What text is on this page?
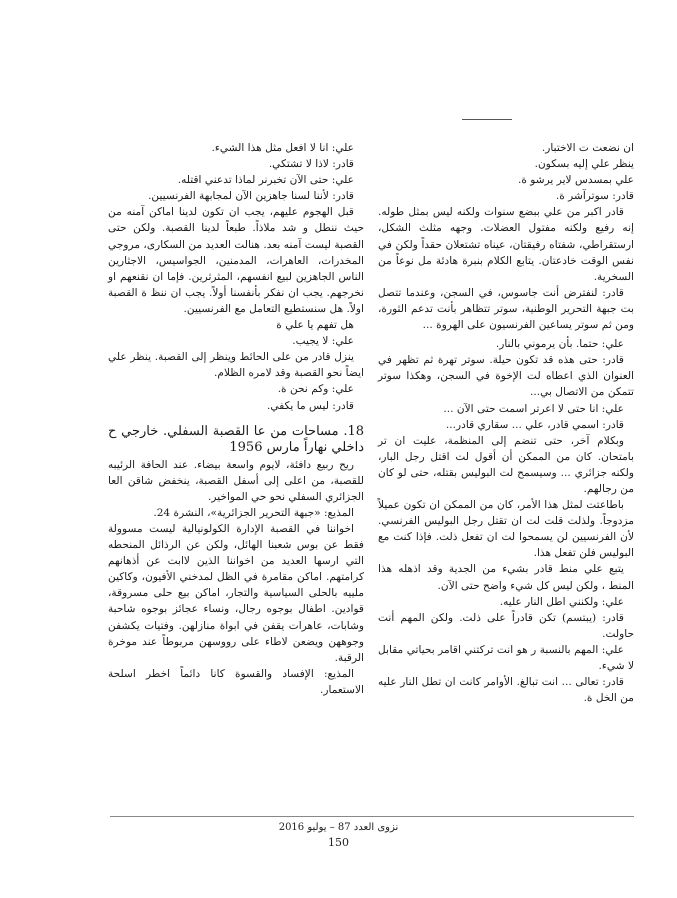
ان نضعت ت الاختبار.

ينظر علي إليه بسكون.

علي بمسدس لاير يرشو ة.

قادر: سوترآشر ة.

قادر اكبر من علي ببضع سنوات ولكنه ليس بمثل طوله. إنه رفيع ولكنه مفتول العضلات. وجهه مثلث الشكل، ارستقراطي، شفتاه رفيقتان، عيناه تشتعلان حقداً ولكن في نفس الوقت خادعتان. يتابع الكلام بنبرة هادئة مل نوعاً من السخرية.

قادر: لنفترض أنت جاسوس، في السجن، وعندما تتصل بت جبهة التحرير الوطنية، سوتر تتظاهر بأنت تدعم الثورة، ومن ثم سوتر يساعين الفرنسيون على الهروة ...

علي: حتما. بأن يرموني بالنار.

قادر: حتى هذه قد تكون حيلة. سوتر تهرة ثم تظهر في العنوان الذي اعطاه لت الإخوة في السجن، وهكذا سوتر تتمكن من الاتصال بي...

علي: انا حتى لا اعرتر اسمت حتى الآن ...

قادر: اسمي قادر، علي ... سقاري قادر...

وبكلام آخر، حتى تنضم إلى المنظمة، عليت ان تر بامتحان. كان من الممكن أن أقول لت اقتل رجل البار، ولكنه جزائري ... وسيسمح لت البوليس بقتله، حتى لو كان من رجالهم.

باطاعتت لمثل هذا الأمر، كان من الممكن ان تكون عميلاً مزدوجاً. ولذلت قلت لت ان تقتل رجل البوليس الفرنسي. لأن الفرنسيين لن يسمحوا لت ان تفعل ذلت. فإذا كنت مع البوليس فلن تفعل هذا.

يتبع علي منط قادر بشيء من الجدية وقد اذهله هذا المنط ، ولكن ليس كل شيء واضح حتى الآن.

علي: ولكنني اطل النار عليه.

قادر: (يبتسم) تكن قادراً على ذلت. ولكن المهم أنت حاولت.

علي: المهم بالنسبة ر هو انت تركتني اقامر بحياتي مقابل لا شيء.

قادر: تعالى ... انت تبالغ. الأوامر كانت ان تطل النار عليه من الخل ة.

علي: انا لا افعل مثل هذا الشيء.

قادر: لاذا لا تشتكي.

علي: حتى الآن تخبرنر لماذا تدعني اقتله.

قادر: لأننا لسنا جاهزين الآن لمجابهة الفرنسيين.

قبل الهجوم عليهم، يجب ان تكون لدينا اماكن آمنه من حيث ننطل و شد ملاذاً. طبعاً لدينا القصبة. ولكن حتى القصبة ليست آمنه بعد. هنالت العديد من السكارى، مروجي المخدرات، العاهرات، المدمنين، الجواسيس، الاجثارين الناس الجاهزين لبيع انفسهم، المثرثرين. فإما ان نقنعهم او نخرجهم. يجب ان نفكر بأنفسنا أولاً. يجب ان ننظ ة القصبة اولاً. هل سنستطيع التعامل مع الفرنسيين.

هل تفهم يا علي ة

علي: لا يجيب.

ينزل قادر من على الحائط وينظر إلى القصبة. ينظر علي ايضاً نحو القصبة وقد لامره الظلام.

علي: وكم نحن ة.

قادر: ليس ما يكفي.

18. مساحات من عا القصبة السفلي. خارجي ح داخلي نهاراً مارس 1956

ريح ربيع دافئة، لايوم واسعة بيضاء. عند الحافة الرئيبه للقصبة، من اعلى إلى أسفل القصبة، ينخفض شاقن العا الجزائري السفلي نحو حي المواخير.

المذيع: «جبهة التحرير الجزائرية»، النشرة 24.

اخواننا في القصبة الإدارة الكولونيالية ليست مسوولة فقط عن بوس شعبنا الهائل، ولكن عن الرذائل المنحطه التي ارسها العديد من اخواننا الذين لاابت عن أذهانهم كرامتهم. اماكن مقامرة في الظل لمدخني الأفيون، وكاكين ملييه بالحلى السياسية والتجار، اماكن بيع حلى مسروقة، قوادين. اطفال بوجوه رجال، ونساء عجائز بوجوه شاحبة وشابات، عاهرات يقفن في ابواة منازلهن. وفتيات يكشفن وجوههن ويضعن لاطاء على رووسهن مربوطاً عند موخرة الرقبة.

المذيع: الإفساد والقسوة كانا دائماً اخطر اسلحة الاستعمار.

نزوى العدد 87 – يوليو 2016
150
